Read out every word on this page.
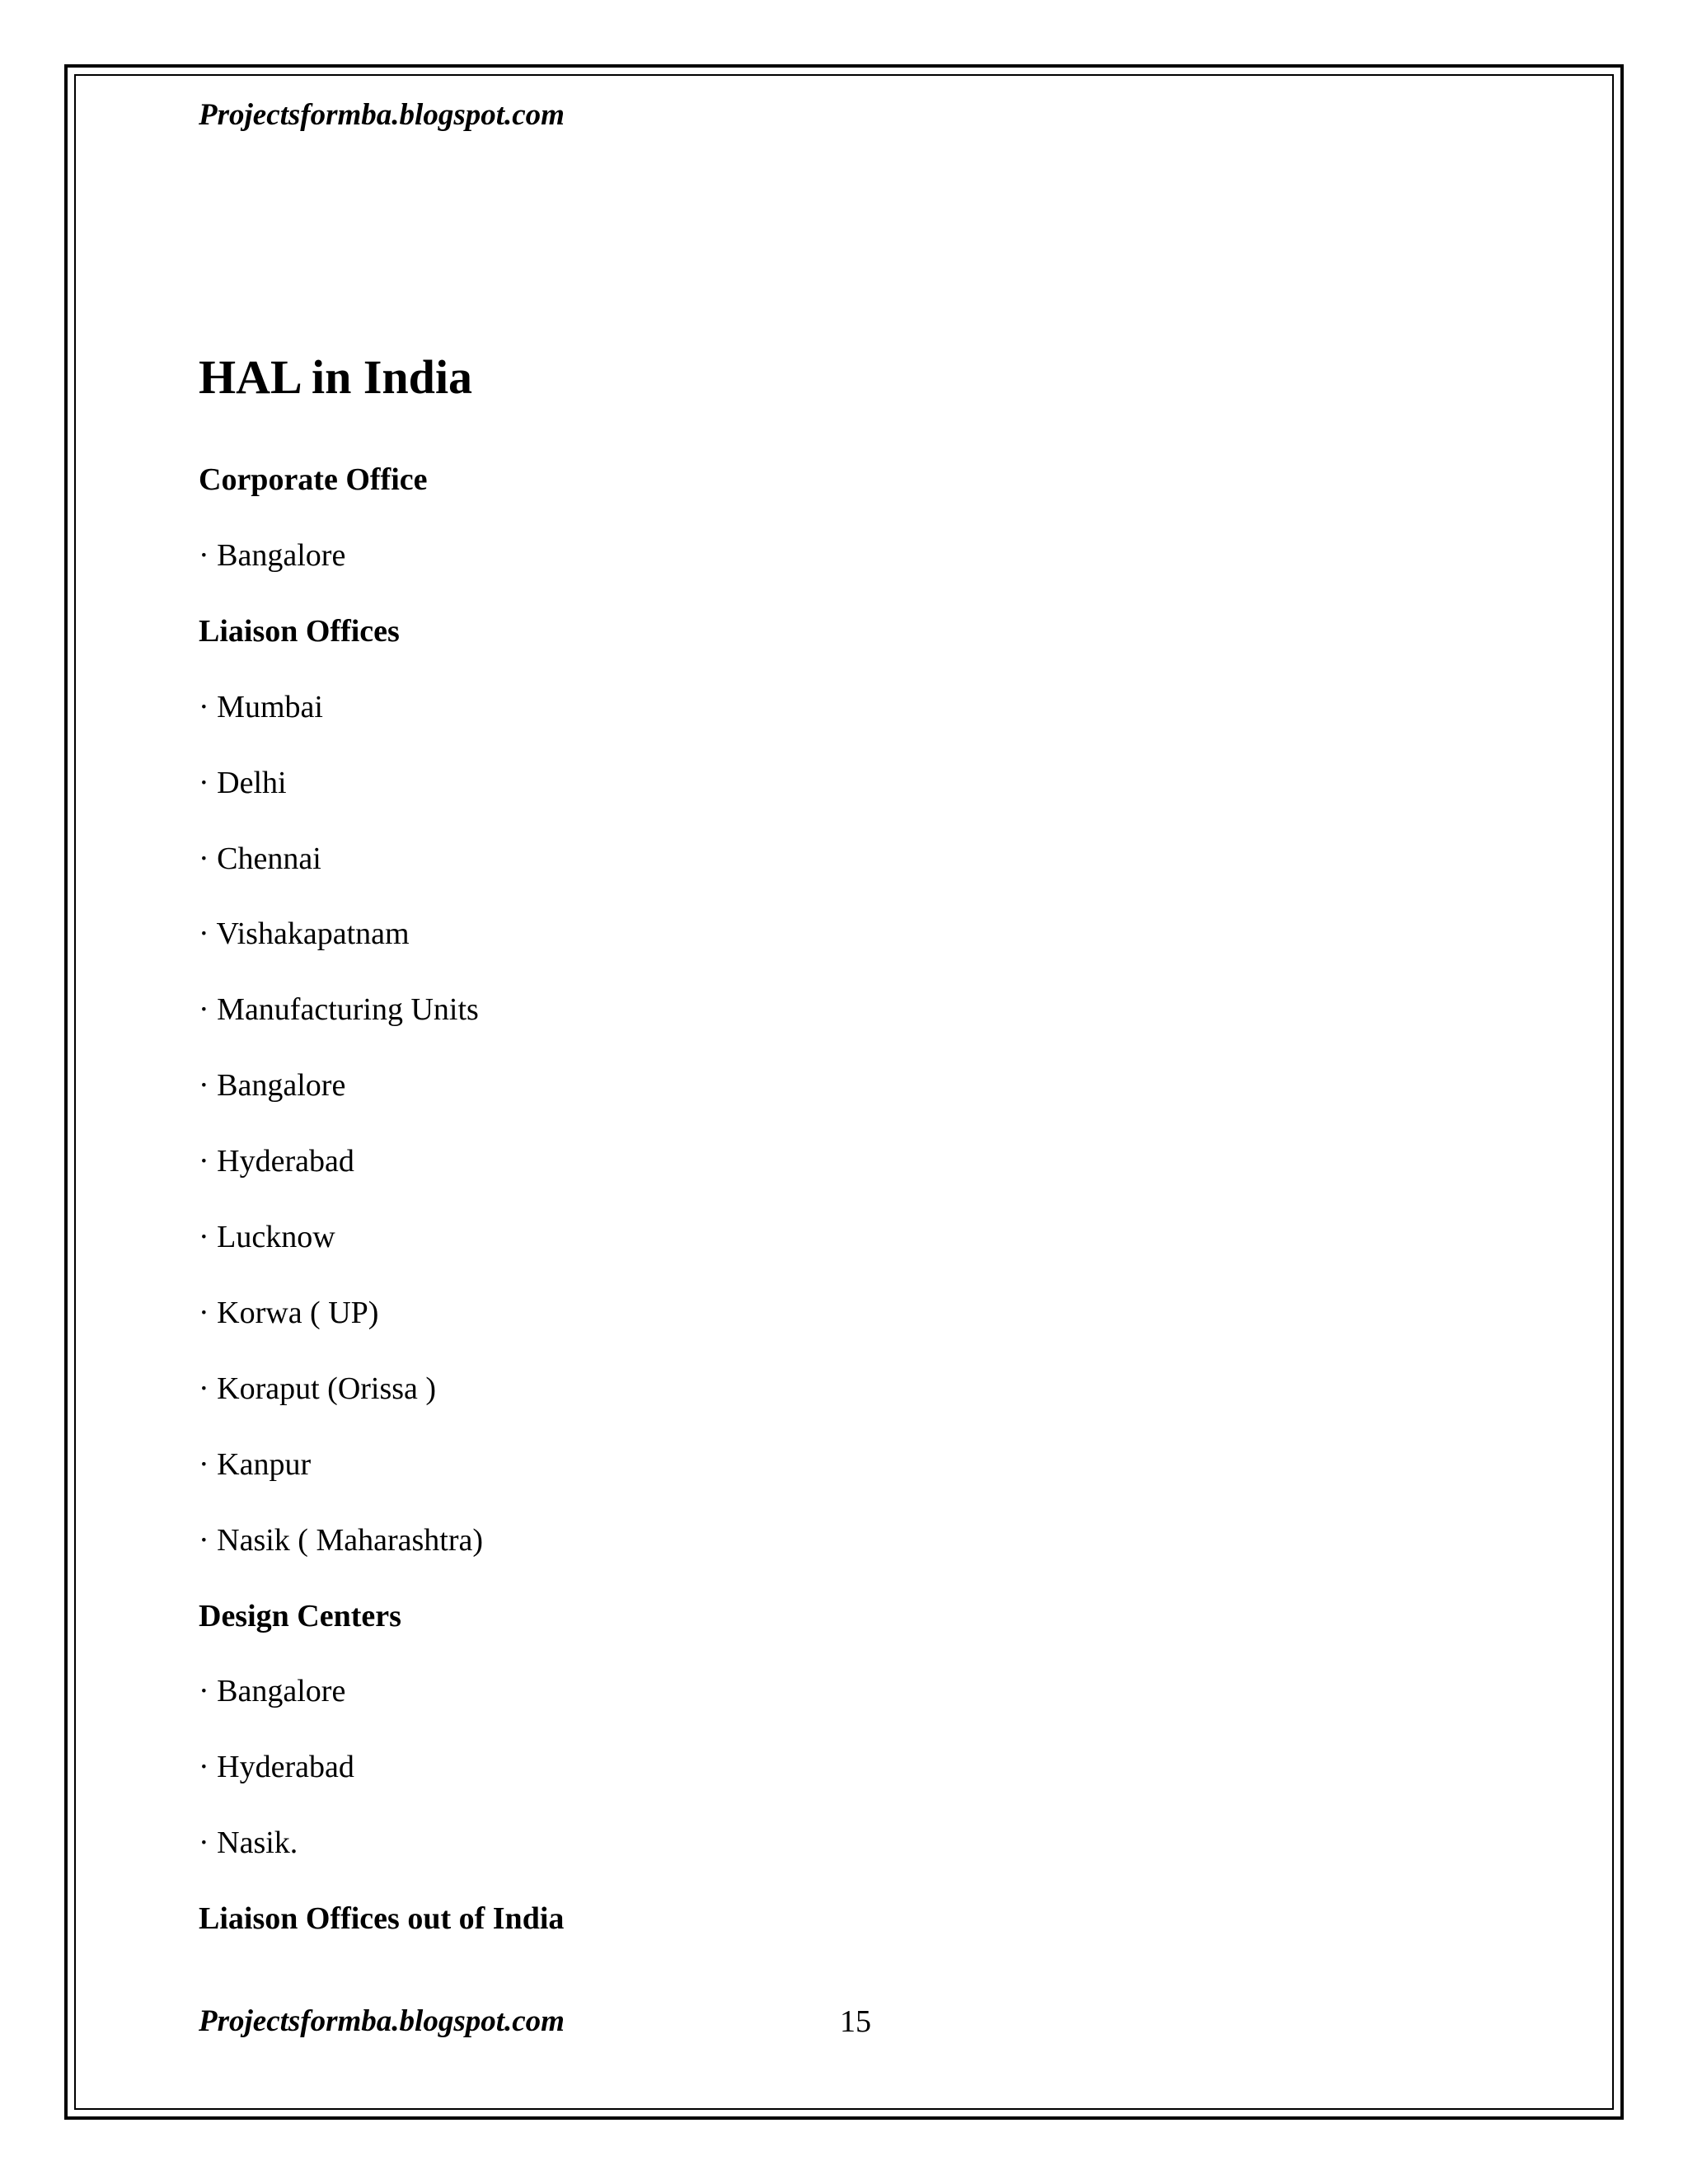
Projectsformba.blogspot.com
HAL in India
Corporate Office
· Bangalore
Liaison Offices
· Mumbai
· Delhi
· Chennai
· Vishakapatnam
· Manufacturing Units
· Bangalore
· Hyderabad
· Lucknow
· Korwa ( UP)
· Koraput (Orissa )
· Kanpur
· Nasik ( Maharashtra)
Design Centers
· Bangalore
· Hyderabad
· Nasik.
Liaison Offices out of India
Projectsformba.blogspot.com	15
